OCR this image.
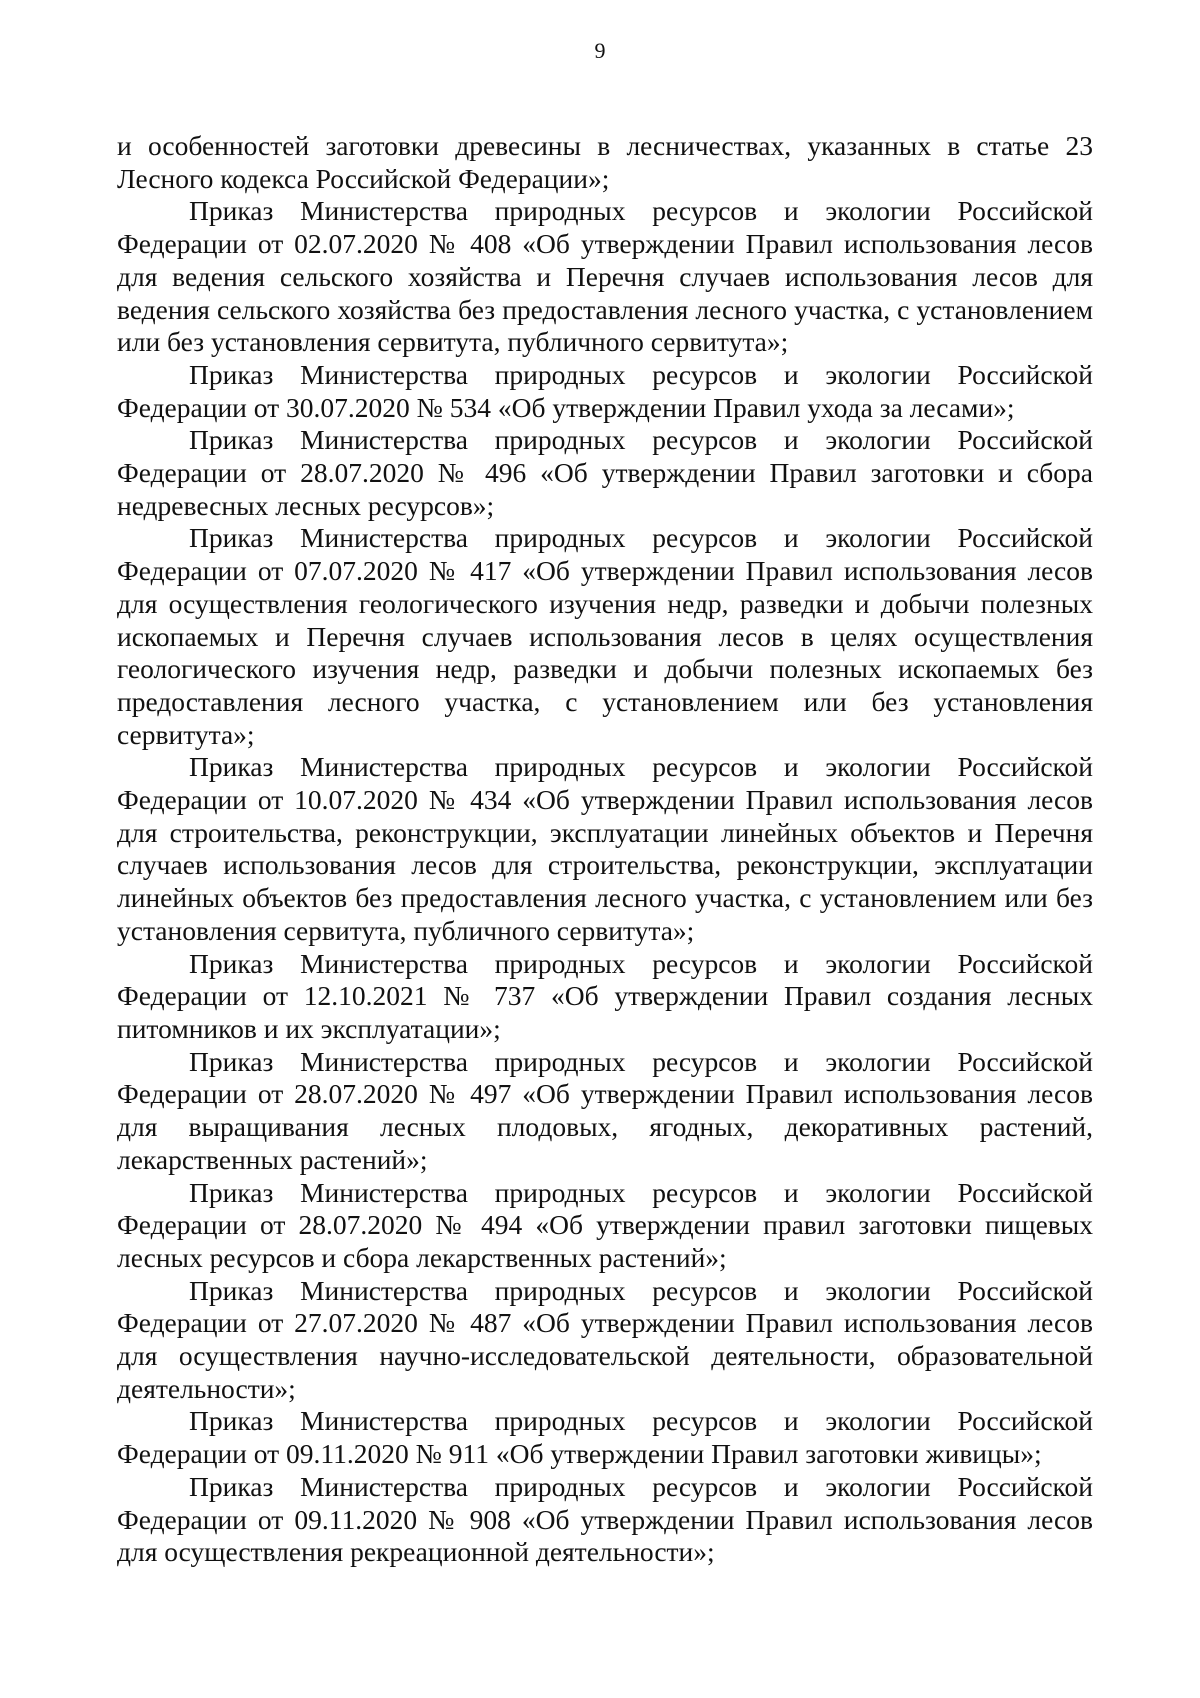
9

и особенностей заготовки древесины в лесничествах, указанных в статье 23 Лесного кодекса Российской Федерации»;

Приказ Министерства природных ресурсов и экологии Российской Федерации от 02.07.2020 № 408 «Об утверждении Правил использования лесов для ведения сельского хозяйства и Перечня случаев использования лесов для ведения сельского хозяйства без предоставления лесного участка, с установлением или без установления сервитута, публичного сервитута»;

Приказ Министерства природных ресурсов и экологии Российской Федерации от 30.07.2020 № 534 «Об утверждении Правил ухода за лесами»;

Приказ Министерства природных ресурсов и экологии Российской Федерации от 28.07.2020 № 496 «Об утверждении Правил заготовки и сбора недревесных лесных ресурсов»;

Приказ Министерства природных ресурсов и экологии Российской Федерации от 07.07.2020 № 417 «Об утверждении Правил использования лесов для осуществления геологического изучения недр, разведки и добычи полезных ископаемых и Перечня случаев использования лесов в целях осуществления геологического изучения недр, разведки и добычи полезных ископаемых без предоставления лесного участка, с установлением или без установления сервитута»;

Приказ Министерства природных ресурсов и экологии Российской Федерации от 10.07.2020 № 434 «Об утверждении Правил использования лесов для строительства, реконструкции, эксплуатации линейных объектов и Перечня случаев использования лесов для строительства, реконструкции, эксплуатации линейных объектов без предоставления лесного участка, с установлением или без установления сервитута, публичного сервитута»;

Приказ Министерства природных ресурсов и экологии Российской Федерации от 12.10.2021 № 737 «Об утверждении Правил создания лесных питомников и их эксплуатации»;

Приказ Министерства природных ресурсов и экологии Российской Федерации от 28.07.2020 № 497 «Об утверждении Правил использования лесов для выращивания лесных плодовых, ягодных, декоративных растений, лекарственных растений»;

Приказ Министерства природных ресурсов и экологии Российской Федерации от 28.07.2020 № 494 «Об утверждении правил заготовки пищевых лесных ресурсов и сбора лекарственных растений»;

Приказ Министерства природных ресурсов и экологии Российской Федерации от 27.07.2020 № 487 «Об утверждении Правил использования лесов для осуществления научно-исследовательской деятельности, образовательной деятельности»;

Приказ Министерства природных ресурсов и экологии Российской Федерации от 09.11.2020 № 911 «Об утверждении Правил заготовки живицы»;

Приказ Министерства природных ресурсов и экологии Российской Федерации от 09.11.2020 № 908 «Об утверждении Правил использования лесов для осуществления рекреационной деятельности»;
